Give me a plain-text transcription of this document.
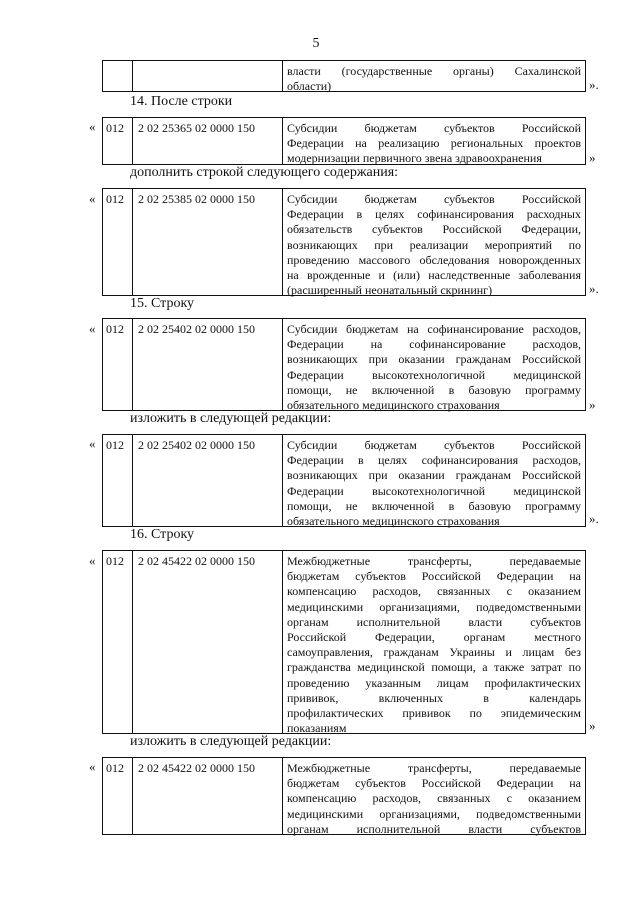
5
власти (государственные органы) Сахалинской
области)	».
14. После строки
« 012	2 02 25365 02 0000 150	Субсидии бюджетам субъектов Российской
Федерации на реализацию региональных проектов
модернизации первичного звена здравоохранения	»
дополнить строкой следующего содержания:
« 012	2 02 25385 02 0000 150	Субсидии бюджетам субъектов Российской
Федерации в целях софинансирования расходных
обязательств субъектов Российской Федерации,
возникающих при реализации мероприятий по
проведению массового обследования новорожденных
на врожденные и (или) наследственные заболевания
(расширенный неонатальный скрининг)	».
15. Строку
« 012	2 02 25402 02 0000 150	Субсидии бюджетам на софинансирование расходов,
Федерации на софинансирование расходов,
возникающих при оказании гражданам Российской
Федерации высокотехнологичной медицинской
помощи, не включенной в базовую программу
обязательного медицинского страхования	»
изложить в следующей редакции:
« 012	2 02 25402 02 0000 150	Субсидии бюджетам субъектов Российской
Федерации в целях софинансирования расходов,
возникающих при оказании гражданам Российской
Федерации высокотехнологичной медицинской
помощи, не включенной в базовую программу
обязательного медицинского страхования	».
16. Строку
« 012	2 02 45422 02 0000 150	Межбюджетные трансферты, передаваемые
бюджетам субъектов Российской Федерации на
компенсацию расходов, связанных с оказанием
медицинскими организациями, подведомственными
органам исполнительной власти субъектов
Российской Федерации, органам местного
самоуправления, гражданам Украины и лицам без
гражданства медицинской помощи, а также затрат по
проведению указанным лицам профилактических
прививок, включенных в календарь
профилактических прививок по эпидемическим
показаниям	»
изложить в следующей редакции:
« 012	2 02 45422 02 0000 150	Межбюджетные трансферты, передаваемые
бюджетам субъектов Российской Федерации на
компенсацию расходов, связанных с оказанием
медицинскими организациями, подведомственными
органам исполнительной власти субъектов
